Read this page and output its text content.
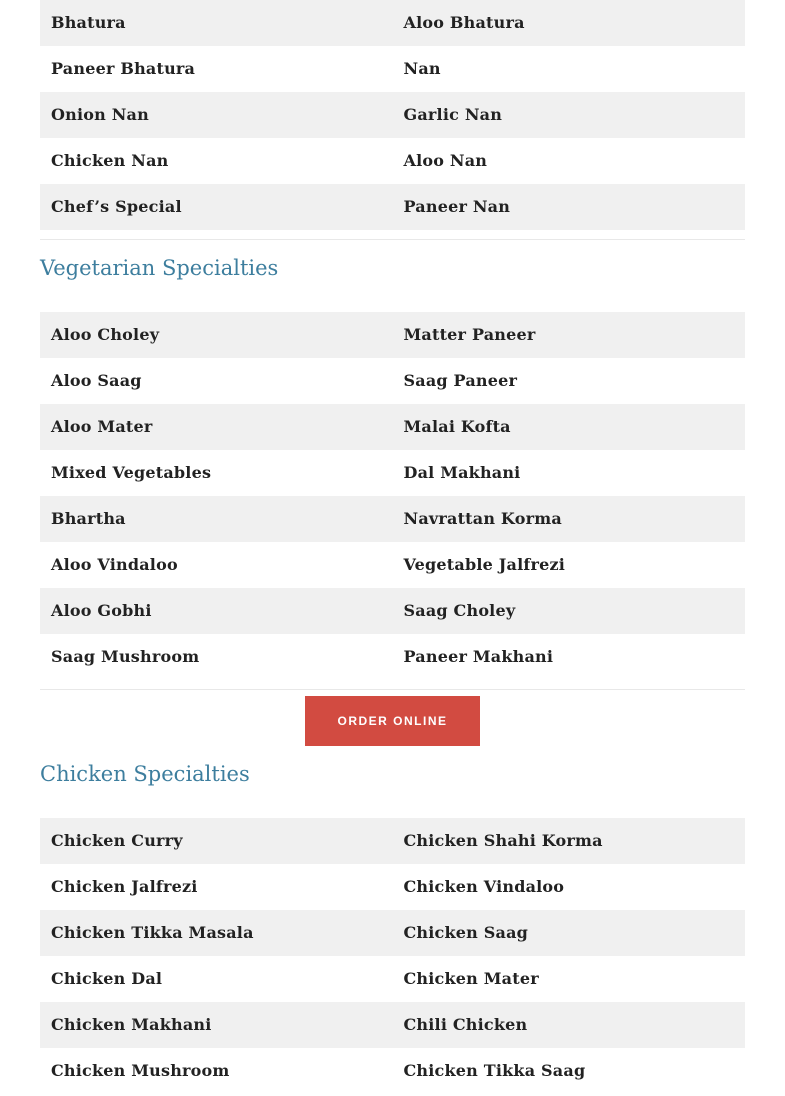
Bhatura	Aloo Bhatura
Paneer Bhatura	Nan
Onion Nan	Garlic Nan
Chicken Nan	Aloo Nan
Chef’s Special	Paneer Nan
Vegetarian Specialties
Aloo Choley	Matter Paneer
Aloo Saag	Saag Paneer
Aloo Mater	Malai Kofta
Mixed Vegetables	Dal Makhani
Bhartha	Navrattan Korma
Aloo Vindaloo	Vegetable Jalfrezi
Aloo Gobhi	Saag Choley
Saag Mushroom	Paneer Makhani
ORDER ONLINE
Chicken Specialties
Chicken Curry	Chicken Shahi Korma
Chicken Jalfrezi	Chicken Vindaloo
Chicken Tikka Masala	Chicken Saag
Chicken Dal	Chicken Mater
Chicken Makhani	Chili Chicken
Chicken Mushroom	Chicken Tikka Saag
